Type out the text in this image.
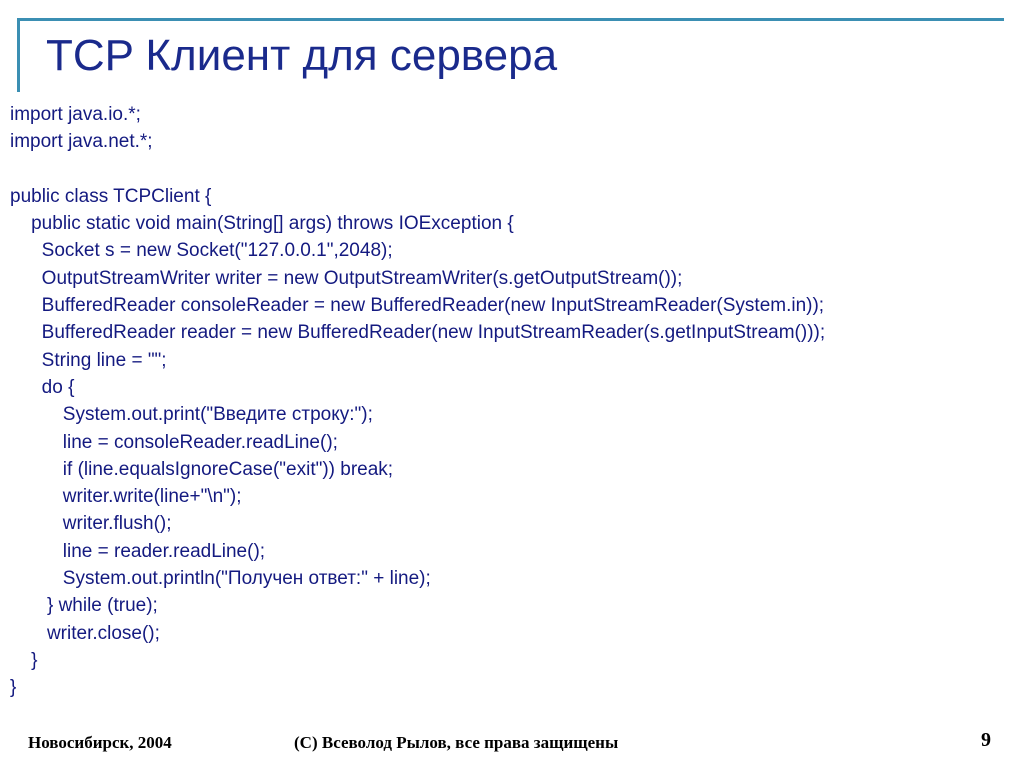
TCP Клиент для сервера
import java.io.*;
import java.net.*;
public class TCPClient {
public static void main(String[] args) throws IOException {
Socket s = new Socket("127.0.0.1",2048);
OutputStreamWriter writer = new OutputStreamWriter(s.getOutputStream());
BufferedReader consoleReader = new BufferedReader(new InputStreamReader(System.in));
BufferedReader reader = new BufferedReader(new InputStreamReader(s.getInputStream()));
String line = "";
do {
System.out.print("Введите строку:");
line = consoleReader.readLine();
if (line.equalsIgnoreCase("exit")) break;
writer.write(line+"\n");
writer.flush();
line = reader.readLine();
System.out.println("Получен ответ:" + line);
} while (true);
writer.close();
}
}
Новосибирск, 2004	(C) Всеволод Рылов, все права защищены	9
